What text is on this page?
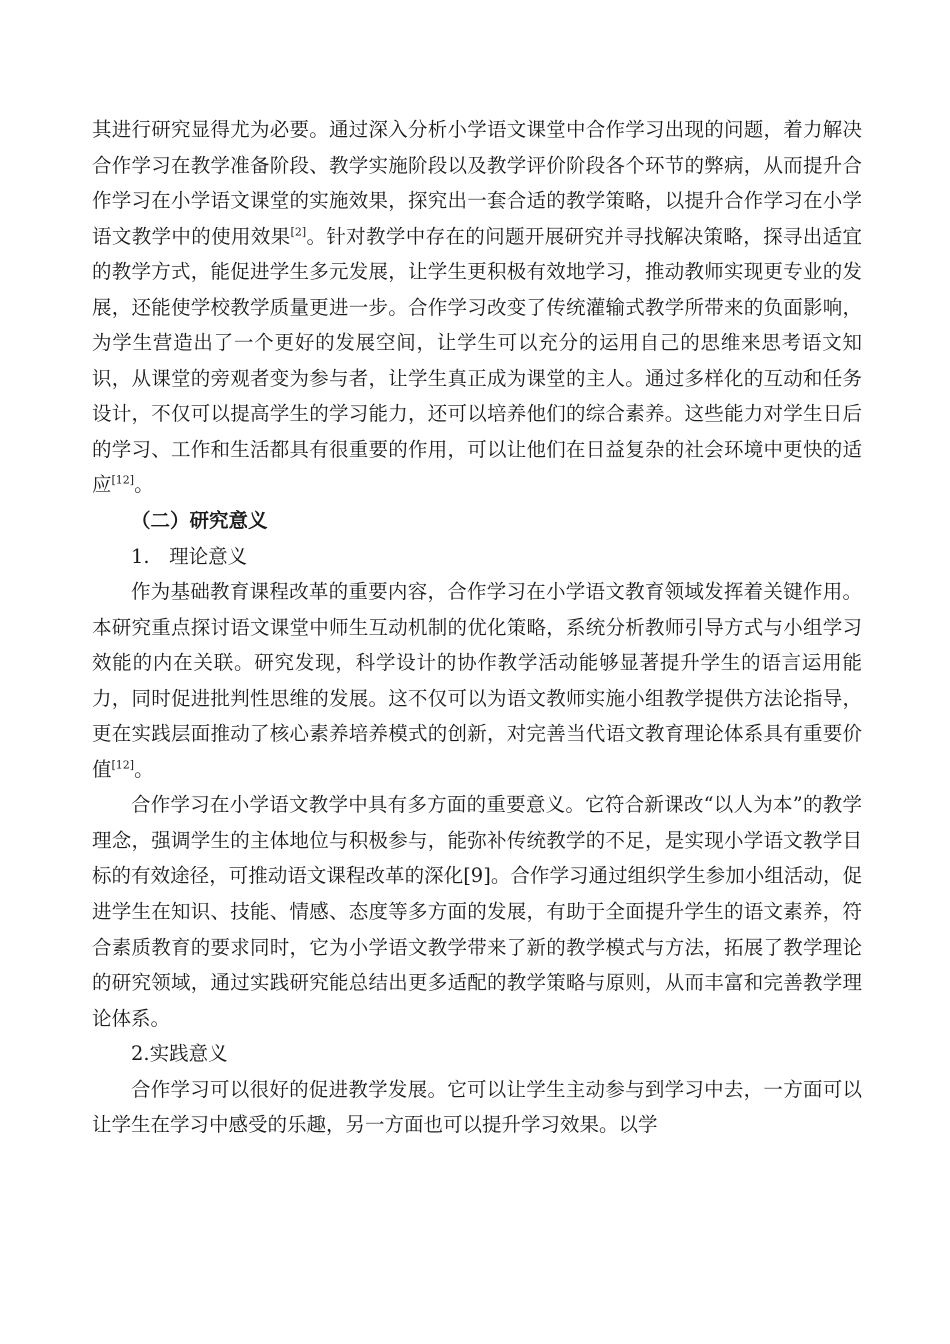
其进行研究显得尤为必要。通过深入分析小学语文课堂中合作学习出现的问题，着力解决合作学习在教学准备阶段、教学实施阶段以及教学评价阶段各个环节的弊病，从而提升合作学习在小学语文课堂的实施效果，探究出一套合适的教学策略，以提升合作学习在小学语文教学中的使用效果[2]。针对教学中存在的问题开展研究并寻找解决策略，探寻出适宜的教学方式，能促进学生多元发展，让学生更积极有效地学习，推动教师实现更专业的发展，还能使学校教学质量更进一步。合作学习改变了传统灌输式教学所带来的负面影响，为学生营造出了一个更好的发展空间，让学生可以充分的运用自己的思维来思考语文知识，从课堂的旁观者变为参与者，让学生真正成为课堂的主人。通过多样化的互动和任务设计，不仅可以提高学生的学习能力，还可以培养他们的综合素养。这些能力对学生日后的学习、工作和生活都具有很重要的作用，可以让他们在日益复杂的社会环境中更快的适应[12]。

（二）研究意义

1.　理论意义

作为基础教育课程改革的重要内容，合作学习在小学语文教育领域发挥着关键作用。本研究重点探讨语文课堂中师生互动机制的优化策略，系统分析教师引导方式与小组学习效能的内在关联。研究发现，科学设计的协作教学活动能够显著提升学生的语言运用能力，同时促进批判性思维的发展。这不仅可以为语文教师实施小组教学提供方法论指导，更在实践层面推动了核心素养培养模式的创新，对完善当代语文教育理论体系具有重要价值[12]。

合作学习在小学语文教学中具有多方面的重要意义。它符合新课改“以人为本”的教学理念，强调学生的主体地位与积极参与，能弥补传统教学的不足，是实现小学语文教学目标的有效途径，可推动语文课程改革的深化[9]。合作学习通过组织学生参加小组活动，促进学生在知识、技能、情感、态度等多方面的发展，有助于全面提升学生的语文素养，符合素质教育的要求同时，它为小学语文教学带来了新的教学模式与方法，拓展了教学理论的研究领域，通过实践研究能总结出更多适配的教学策略与原则，从而丰富和完善教学理论体系。

2.实践意义

合作学习可以很好的促进教学发展。它可以让学生主动参与到学习中去，一方面可以让学生在学习中感受的乐趣，另一方面也可以提升学习效果。以学
